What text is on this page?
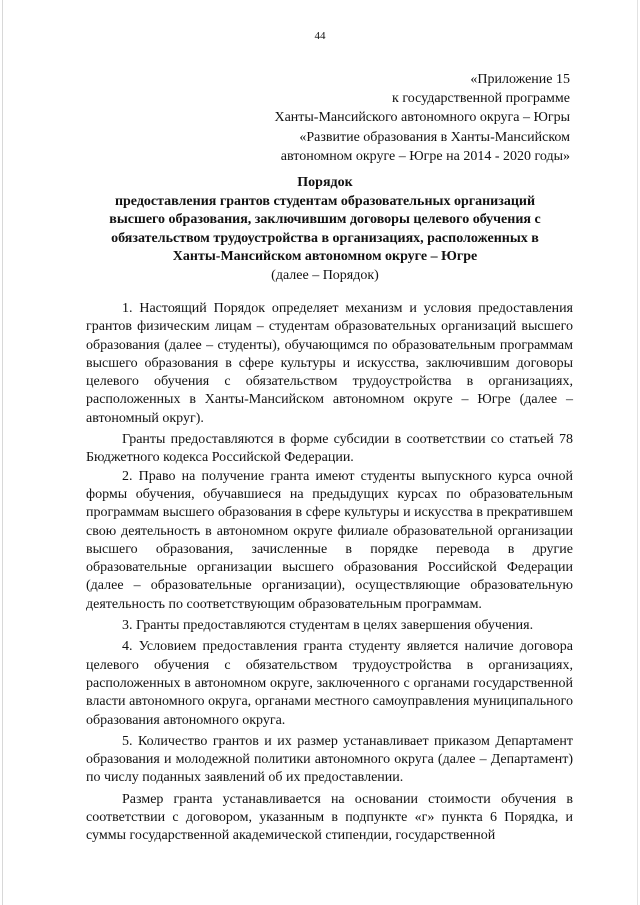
44
«Приложение 15
к государственной программе
Ханты-Мансийского автономного округа – Югры
«Развитие образования в Ханты-Мансийском
автономном округе – Югре на 2014 - 2020 годы»
Порядок
предоставления грантов студентам образовательных организаций
высшего образования, заключившим договоры целевого обучения с
обязательством трудоустройства в организациях, расположенных в
Ханты-Мансийском автономном округе – Югре
(далее – Порядок)

1. Настоящий Порядок определяет механизм и условия предоставления грантов физическим лицам – студентам образовательных организаций высшего образования (далее – студенты), обучающимся по образовательным программам высшего образования в сфере культуры и искусства, заключившим договоры целевого обучения с обязательством трудоустройства в организациях, расположенных в Ханты-Мансийском автономном округе – Югре (далее – автономный округ).

Гранты предоставляются в форме субсидии в соответствии со статьей 78 Бюджетного кодекса Российской Федерации.

2. Право на получение гранта имеют студенты выпускного курса очной формы обучения, обучавшиеся на предыдущих курсах по образовательным программам высшего образования в сфере культуры и искусства в прекратившем свою деятельность в автономном округе филиале образовательной организации высшего образования, зачисленные в порядке перевода в другие образовательные организации высшего образования Российской Федерации (далее – образовательные организации), осуществляющие образовательную деятельность по соответствующим образовательным программам.

3. Гранты предоставляются студентам в целях завершения обучения.

4. Условием предоставления гранта студенту является наличие договора целевого обучения с обязательством трудоустройства в организациях, расположенных в автономном округе, заключенного с органами государственной власти автономного округа, органами местного самоуправления муниципального образования автономного округа.

5. Количество грантов и их размер устанавливает приказом Департамент образования и молодежной политики автономного округа (далее – Департамент) по числу поданных заявлений об их предоставлении.

Размер гранта устанавливается на основании стоимости обучения в соответствии с договором, указанным в подпункте «г» пункта 6 Порядка, и суммы государственной академической стипендии, государственной
